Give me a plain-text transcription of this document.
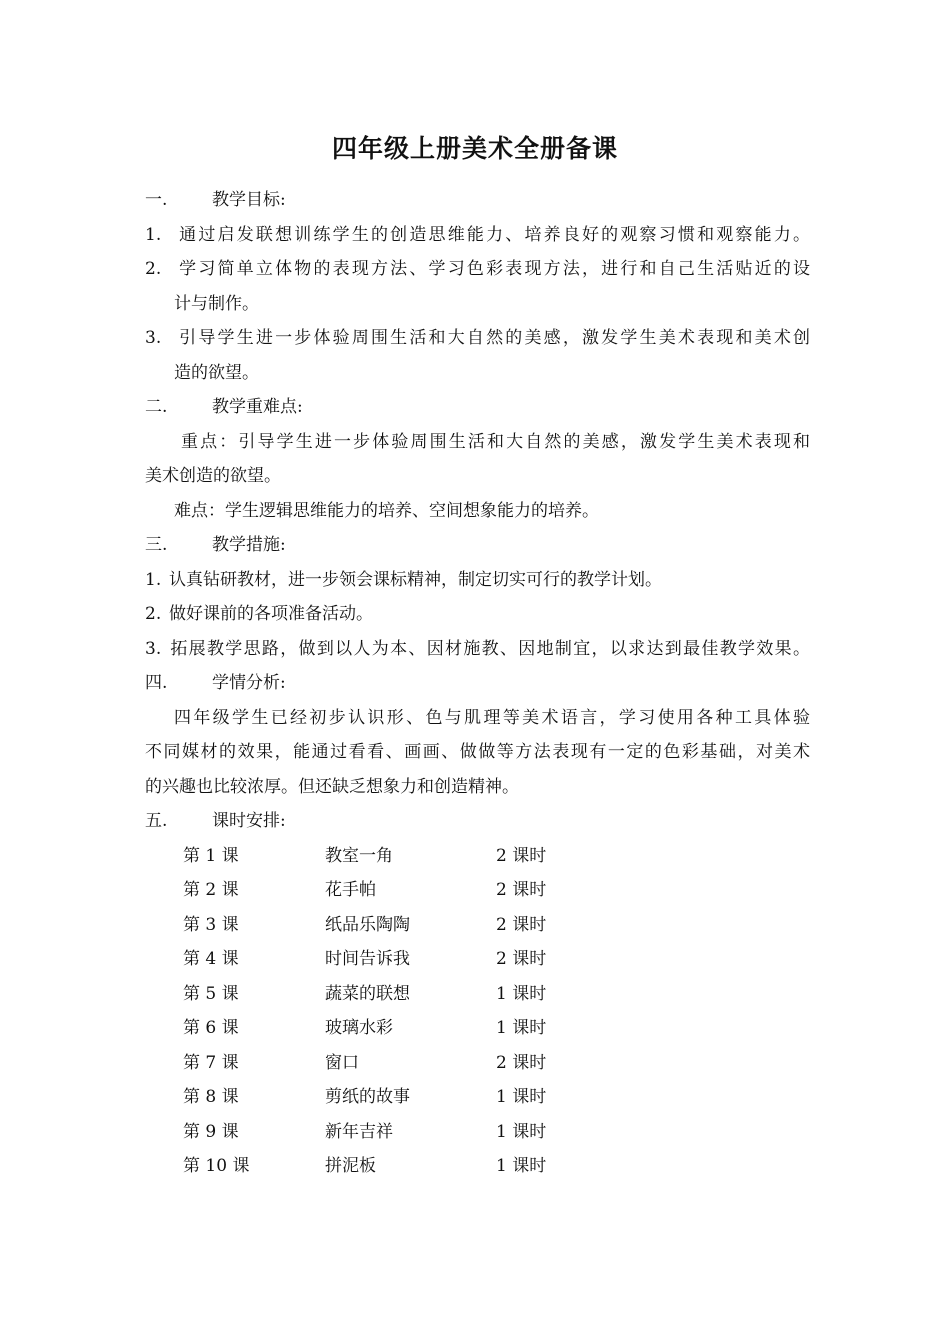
四年级上册美术全册备课
一.	教学目标:
1. 通过启发联想训练学生的创造思维能力、培养良好的观察习惯和观察能力。
2. 学习简单立体物的表现方法、学习色彩表现方法，进行和自己生活贴近的设
计与制作。
3. 引导学生进一步体验周围生活和大自然的美感，激发学生美术表现和美术创
造的欲望。
二.	教学重难点:
重点：引导学生进一步体验周围生活和大自然的美感，激发学生美术表现和
美术创造的欲望。
难点：学生逻辑思维能力的培养、空间想象能力的培养。
三.	教学措施:
1. 认真钻研教材，进一步领会课标精神，制定切实可行的教学计划。
2. 做好课前的各项准备活动。
3. 拓展教学思路，做到以人为本、因材施教、因地制宜，以求达到最佳教学效果。
四.	学情分析:
四年级学生已经初步认识形、色与肌理等美术语言，学习使用各种工具体验
不同媒材的效果，能通过看看、画画、做做等方法表现有一定的色彩基础，对美术
的兴趣也比较浓厚。但还缺乏想象力和创造精神。
五.	课时安排:
第 1 课	教室一角	2 课时
第 2 课	花手帕	2 课时
第 3 课	纸品乐陶陶	2 课时
第 4 课	时间告诉我	2 课时
第 5 课	蔬菜的联想	1 课时
第 6 课	玻璃水彩	1 课时
第 7 课	窗口	2 课时
第 8 课	剪纸的故事	1 课时
第 9 课	新年吉祥	1 课时
第 10 课	拼泥板	1 课时
